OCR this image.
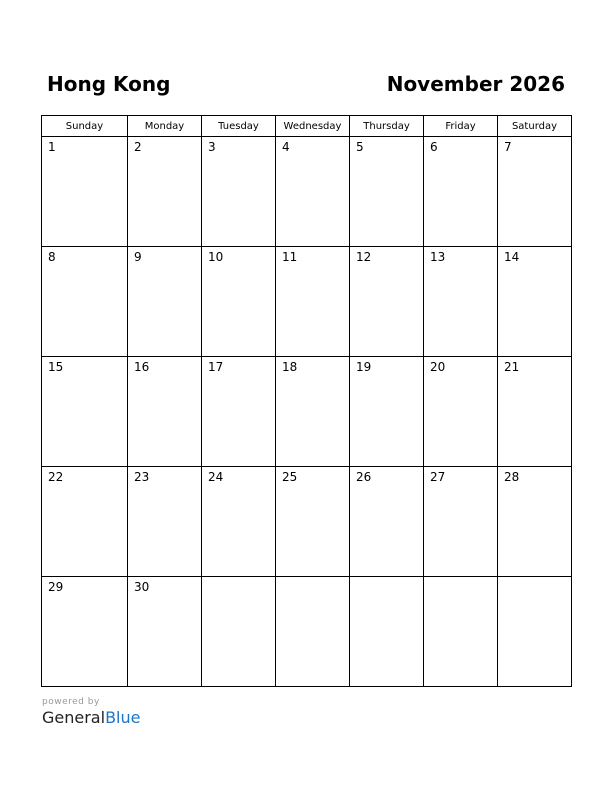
Hong Kong	November 2026
Sunday	Monday	Tuesday	Wednesday	Thursday	Friday	Saturday

1	2	3	4	5	6	7

8	9	10	11	12	13	14

15	16	17	18	19	20	21

22	23	24	25	26	27	28

29	30					

powered by
GeneralBlue
